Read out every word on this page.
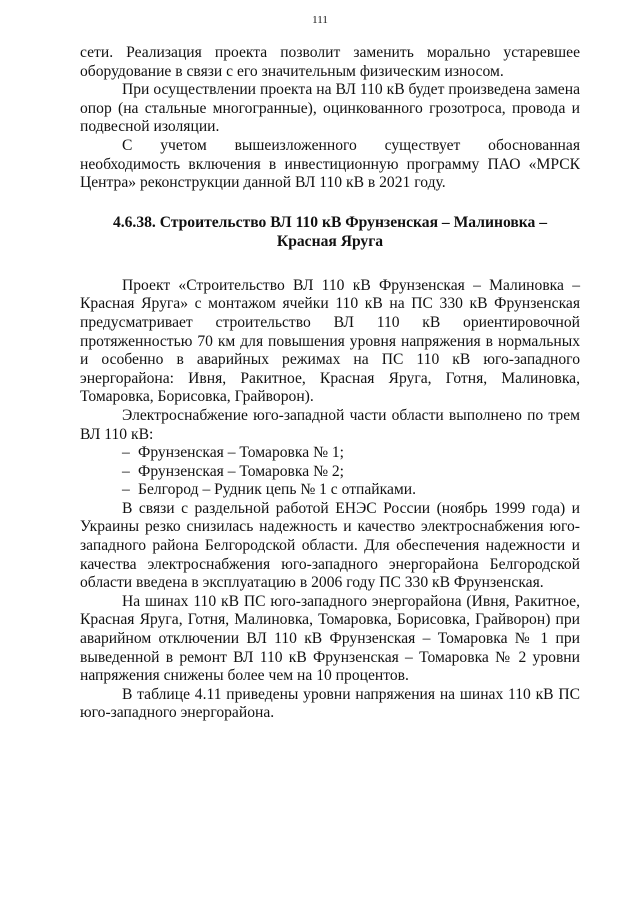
111

сети. Реализация проекта позволит заменить морально устаревшее оборудование в связи с его значительным физическим износом.

При осуществлении проекта на ВЛ 110 кВ будет произведена замена опор (на стальные многогранные), оцинкованного грозотроса, провода и подвесной изоляции.

С учетом вышеизложенного существует обоснованная необходимость включения в инвестиционную программу ПАО «МРСК Центра» реконструкции данной ВЛ 110 кВ в 2021 году.

4.6.38. Строительство ВЛ 110 кВ Фрунзенская – Малиновка – Красная Яруга

Проект «Строительство ВЛ 110 кВ Фрунзенская – Малиновка – Красная Яруга» с монтажом ячейки 110 кВ на ПС 330 кВ Фрунзенская предусматривает строительство ВЛ 110 кВ ориентировочной протяженностью 70 км для повышения уровня напряжения в нормальных и особенно в аварийных режимах на ПС 110 кВ юго-западного энергорайона: Ивня, Ракитное, Красная Яруга, Готня, Малиновка, Томаровка, Борисовка, Грайворон).

Электроснабжение юго-западной части области выполнено по трем ВЛ 110 кВ:

– Фрунзенская – Томаровка № 1;
– Фрунзенская – Томаровка № 2;
– Белгород – Рудник цепь № 1 с отпайками.

В связи с раздельной работой ЕНЭС России (ноябрь 1999 года) и Украины резко снизилась надежность и качество электроснабжения юго-западного района Белгородской области. Для обеспечения надежности и качества электроснабжения юго-западного энергорайона Белгородской области введена в эксплуатацию в 2006 году ПС 330 кВ Фрунзенская.

На шинах 110 кВ ПС юго-западного энергорайона (Ивня, Ракитное, Красная Яруга, Готня, Малиновка, Томаровка, Борисовка, Грайворон) при аварийном отключении ВЛ 110 кВ Фрунзенская – Томаровка № 1 при выведенной в ремонт ВЛ 110 кВ Фрунзенская – Томаровка № 2 уровни напряжения снижены более чем на 10 процентов.

В таблице 4.11 приведены уровни напряжения на шинах 110 кВ ПС юго-западного энергорайона.
